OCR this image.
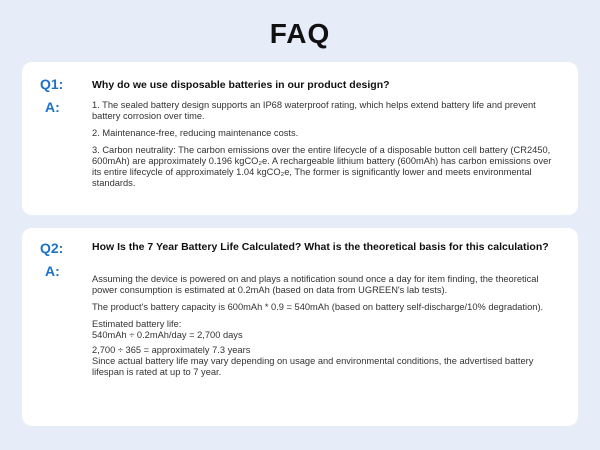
FAQ
Q1:
A:
Why do we use disposable batteries in our product design?

1. The sealed battery design supports an IP68 waterproof rating, which helps extend battery life and prevent battery corrosion over time.

2. Maintenance-free, reducing maintenance costs.

3. Carbon neutrality: The carbon emissions over the entire lifecycle of a disposable button cell battery (CR2450, 600mAh) are approximately 0.196 kgCO₂e. A rechargeable lithium battery (600mAh) has carbon emissions over its entire lifecycle of approximately 1.04 kgCO₂e, The former is significantly lower and meets environmental standards.

Q2:
A:
How Is the 7 Year Battery Life Calculated? What is the theoretical basis for this calculation?

Assuming the device is powered on and plays a notification sound once a day for item finding, the theoretical power consumption is estimated at 0.2mAh (based on data from UGREEN's lab tests).

The product's battery capacity is 600mAh * 0.9 = 540mAh (based on battery self-discharge/10% degradation).

Estimated battery life:

540mAh ÷ 0.2mAh/day = 2,700 days

2,700 ÷ 365 = approximately 7.3 years

Since actual battery life may vary depending on usage and environmental conditions, the advertised battery lifespan is rated at up to 7 year.
